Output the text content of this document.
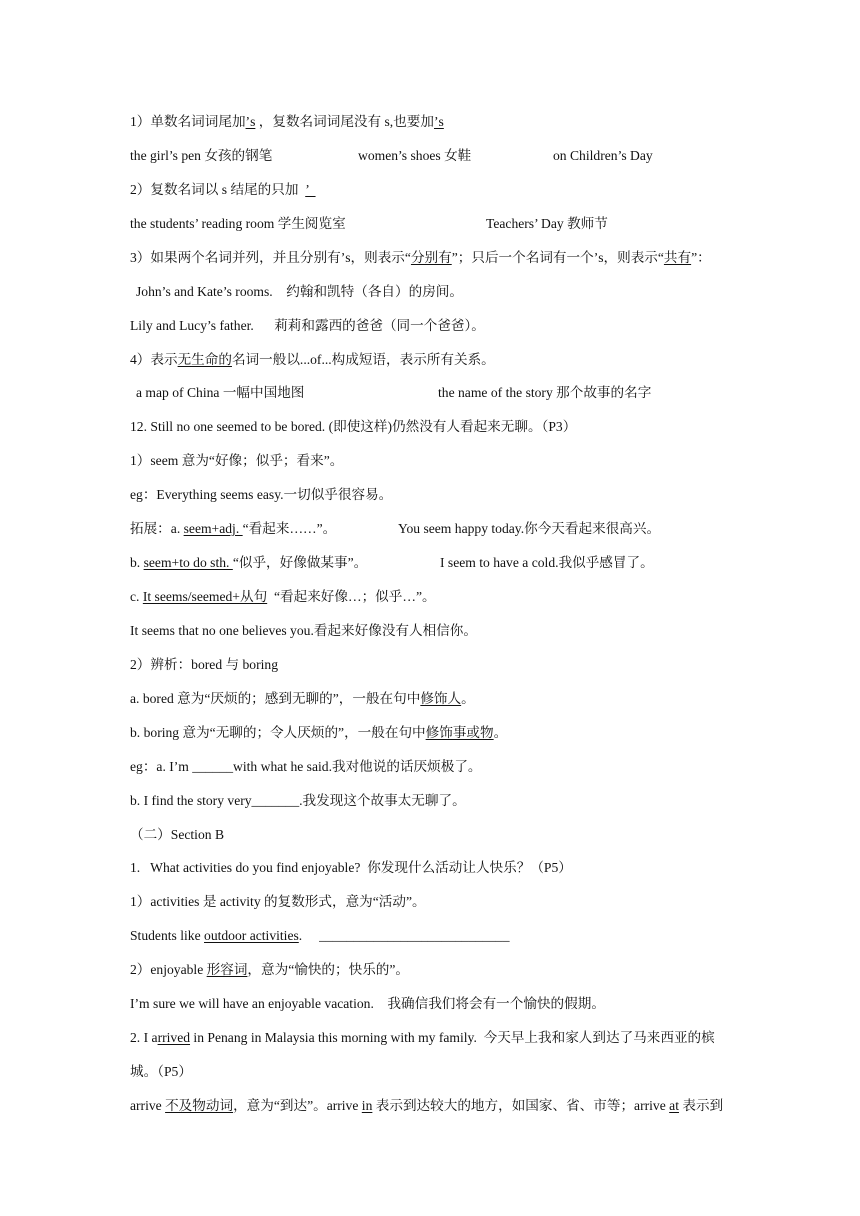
1）单数名词词尾加’s ，复数名词词尾没有 s,也要加’s
the girl’s pen 女孩的钢笔	women’s shoes 女鞋	on Children’s Day
2）复数名词以 s 结尾的只加  ’
the students’ reading room 学生阅览室	Teachers’ Day 教师节
3）如果两个名词并列，并且分别有’s，则表示“分别有”；只后一个名词有一个’s，则表示“共有”：
John’s and Kate’s rooms.    约翰和凯特（各自）的房间。
Lily and Lucy’s father.      莉莉和露西的爸爸（同一个爸爸）。
4）表示无生命的名词一般以...of...构成短语，表示所有关系。
a map of China 一幅中国地图	the name of the story 那个故事的名字
12. Still no one seemed to be bored. (即使这样)仍然没有人看起来无聊。（P3）
1）seem 意为“好像；似乎；看来”。
eg：Everything seems easy.一切似乎很容易。
拓展：a. seem+adj. “看起来……”。	You seem happy today.你今天看起来很高兴。
b. seem+to do sth. “似乎，好像做某事”。	I seem to have a cold.我似乎感冒了。
c. It seems/seemed+从句  “看起来好像…；似乎…”。
It seems that no one believes you.看起来好像没有人相信你。
2）辨析：bored 与 boring
a. bored 意为“厌烦的；感到无聊的”，一般在句中修饰人。
b. boring 意为“无聊的；令人厌烦的”，一般在句中修饰事或物。
eg：a. I’m ______with what he said.我对他说的话厌烦极了。
b. I find the story very_______.我发现这个故事太无聊了。
（二）Section B
1.   What activities do you find enjoyable?  你发现什么活动让人快乐？（P5）
1）activities 是 activity 的复数形式，意为“活动”。
Students like outdoor activities.     ____________________________
2）enjoyable 形容词，意为“愉快的；快乐的”。
I’m sure we will have an enjoyable vacation.    我确信我们将会有一个愉快的假期。
2. I arrived in Penang in Malaysia this morning with my family.  今天早上我和家人到达了马来西亚的槟
城。（P5）
arrive 不及物动词，意为“到达”。arrive in 表示到达较大的地方，如国家、省、市等；arrive at 表示到
